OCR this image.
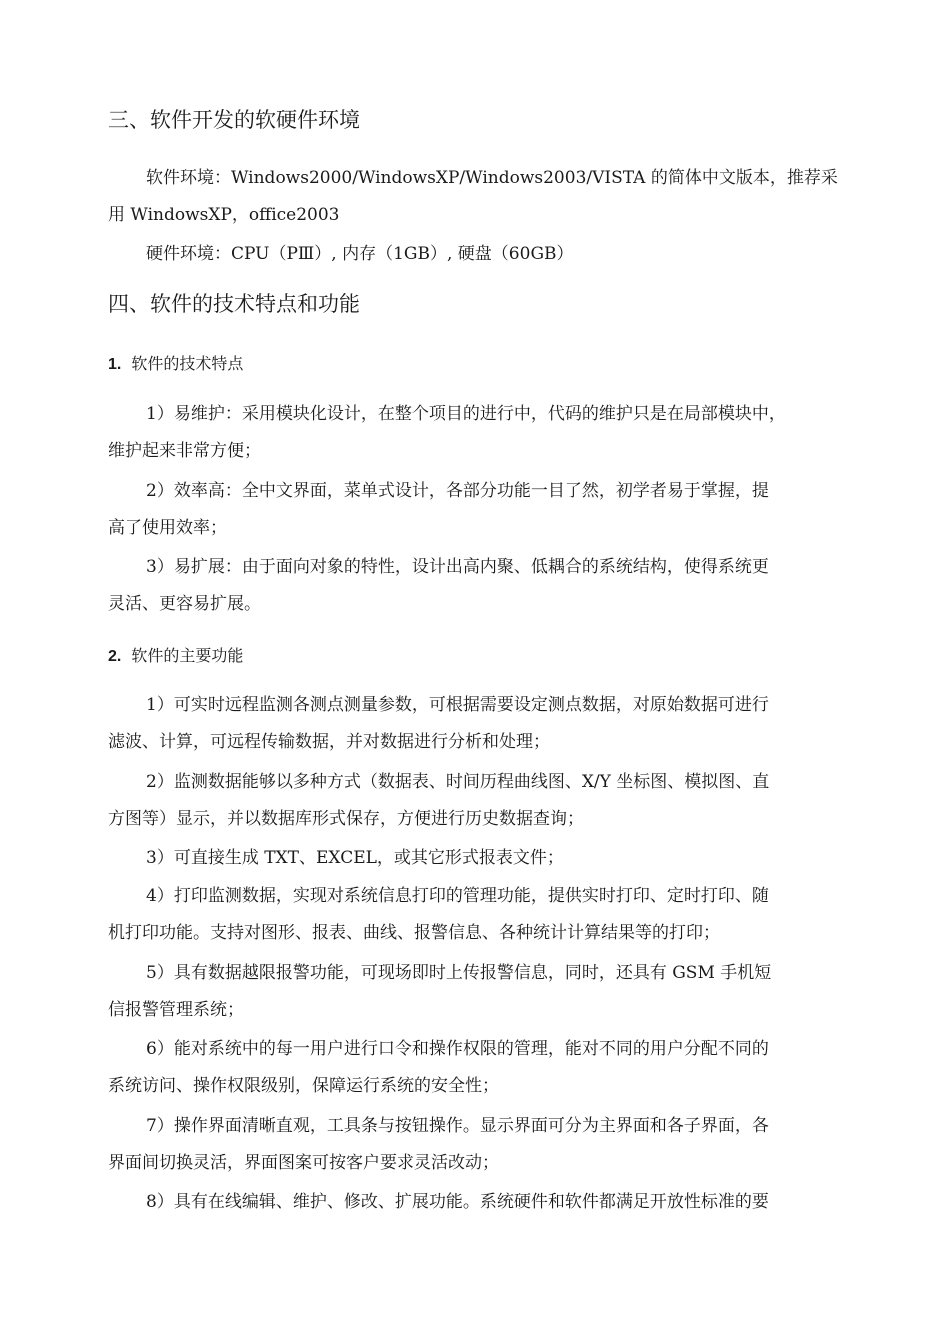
三、软件开发的软硬件环境
软件环境：Windows2000/WindowsXP/Windows2003/VISTA 的简体中文版本，推荐采
用 WindowsXP，office2003
硬件环境：CPU（PⅢ）, 内存（1GB）, 硬盘（60GB）
四、软件的技术特点和功能
1. 软件的技术特点
1）易维护：采用模块化设计，在整个项目的进行中，代码的维护只是在局部模块中，
维护起来非常方便；
2）效率高：全中文界面，菜单式设计，各部分功能一目了然，初学者易于掌握，提
高了使用效率；
3）易扩展：由于面向对象的特性，设计出高内聚、低耦合的系统结构，使得系统更
灵活、更容易扩展。
2. 软件的主要功能
1）可实时远程监测各测点测量参数，可根据需要设定测点数据，对原始数据可进行
滤波、计算，可远程传输数据，并对数据进行分析和处理；
2）监测数据能够以多种方式（数据表、时间历程曲线图、X/Y 坐标图、模拟图、直
方图等）显示，并以数据库形式保存，方便进行历史数据查询；
3）可直接生成 TXT、EXCEL，或其它形式报表文件；
4）打印监测数据，实现对系统信息打印的管理功能，提供实时打印、定时打印、随
机打印功能。支持对图形、报表、曲线、报警信息、各种统计计算结果等的打印；
5）具有数据越限报警功能，可现场即时上传报警信息，同时，还具有 GSM 手机短
信报警管理系统；
6）能对系统中的每一用户进行口令和操作权限的管理，能对不同的用户分配不同的
系统访问、操作权限级别，保障运行系统的安全性；
7）操作界面清晰直观，工具条与按钮操作。显示界面可分为主界面和各子界面，各
界面间切换灵活，界面图案可按客户要求灵活改动；
8）具有在线编辑、维护、修改、扩展功能。系统硬件和软件都满足开放性标准的要
